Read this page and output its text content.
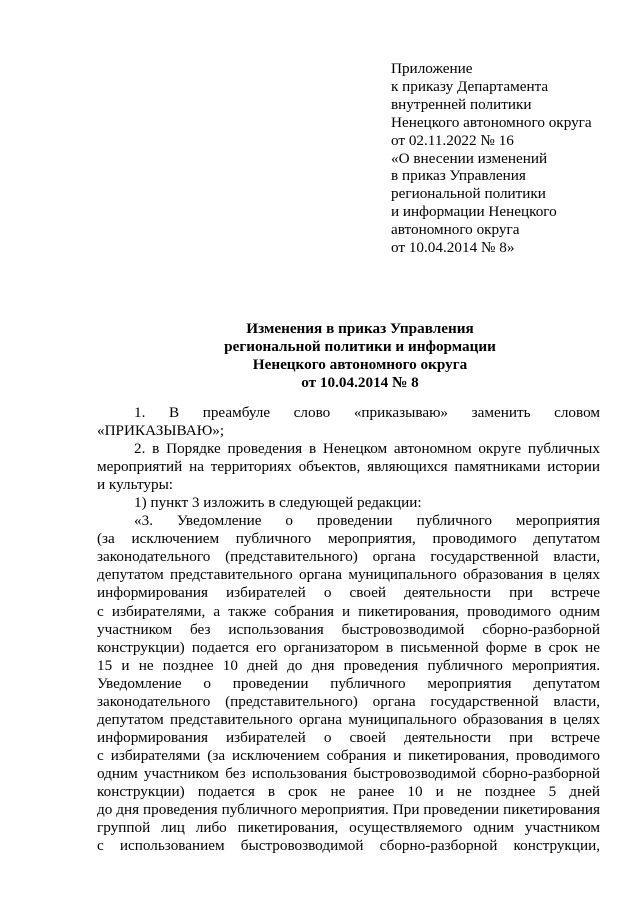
Приложение
к приказу Департамента
внутренней политики
Ненецкого автономного округа
от 02.11.2022 № 16
«О внесении изменений
в приказ Управления
региональной политики
и информации Ненецкого
автономного округа
от 10.04.2014 № 8»
Изменения в приказ Управления
региональной политики и информации
Ненецкого автономного округа
от 10.04.2014 № 8
1. В преамбуле слово «приказываю» заменить словом
«ПРИКАЗЫВАЮ»;
2. в Порядке проведения в Ненецком автономном округе публичных
мероприятий на территориях объектов, являющихся памятниками истории
и культуры:
1) пункт 3 изложить в следующей редакции:
«3. Уведомление о проведении публичного мероприятия
(за исключением публичного мероприятия, проводимого депутатом
законодательного (представительного) органа государственной власти,
депутатом представительного органа муниципального образования в целях
информирования избирателей о своей деятельности при встрече
с избирателями, а также собрания и пикетирования, проводимого одним
участником без использования быстровозводимой сборно-разборной
конструкции) подается его организатором в письменной форме в срок не
15 и не позднее 10 дней до дня проведения публичного мероприятия.
Уведомление о проведении публичного мероприятия депутатом
законодательного (представительного) органа государственной власти,
депутатом представительного органа муниципального образования в целях
информирования избирателей о своей деятельности при встрече
с избирателями (за исключением собрания и пикетирования, проводимого
одним участником без использования быстровозводимой сборно-разборной
конструкции) подается в срок не ранее 10 и не позднее 5 дней
до дня проведения публичного мероприятия. При проведении пикетирования
группой лиц либо пикетирования, осуществляемого одним участником
с использованием быстровозводимой сборно-разборной конструкции,
